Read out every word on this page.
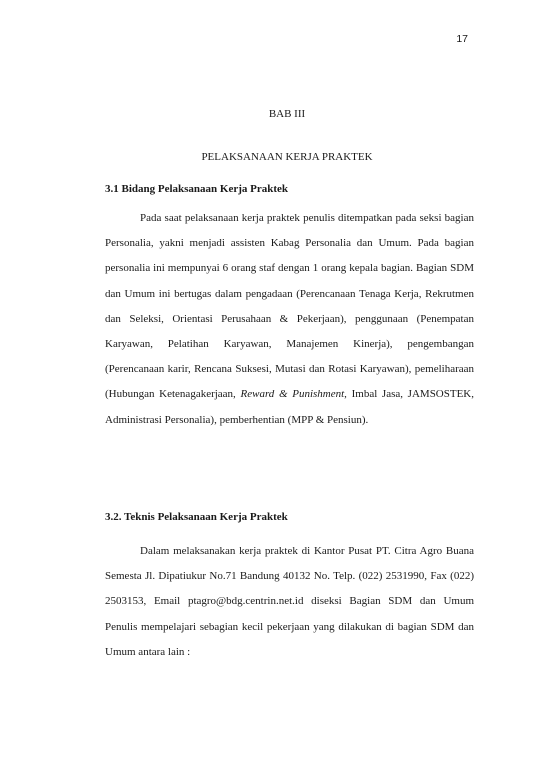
17
BAB III
PELAKSANAAN KERJA PRAKTEK
3.1 Bidang Pelaksanaan Kerja Praktek

Pada saat pelaksanaan kerja praktek penulis ditempatkan pada seksi bagian Personalia, yakni menjadi assisten Kabag Personalia dan Umum. Pada bagian personalia ini mempunyai 6 orang staf dengan 1 orang kepala bagian. Bagian SDM dan Umum ini bertugas dalam pengadaan (Perencanaan Tenaga Kerja, Rekrutmen dan Seleksi, Orientasi Perusahaan & Pekerjaan), penggunaan (Penempatan Karyawan, Pelatihan Karyawan, Manajemen Kinerja), pengembangan (Perencanaan karir, Rencana Suksesi, Mutasi dan Rotasi Karyawan), pemeliharaan (Hubungan Ketenagakerjaan, Reward & Punishment, Imbal Jasa, JAMSOSTEK, Administrasi Personalia), pemberhentian (MPP & Pensiun).

3.2. Teknis Pelaksanaan Kerja Praktek

Dalam melaksanakan kerja praktek di Kantor Pusat PT. Citra Agro Buana Semesta Jl. Dipatiukur No.71 Bandung 40132 No. Telp. (022) 2531990, Fax (022) 2503153, Email ptagro@bdg.centrin.net.id diseksi Bagian SDM dan Umum Penulis mempelajari sebagian kecil pekerjaan yang dilakukan di bagian SDM dan Umum antara lain :
